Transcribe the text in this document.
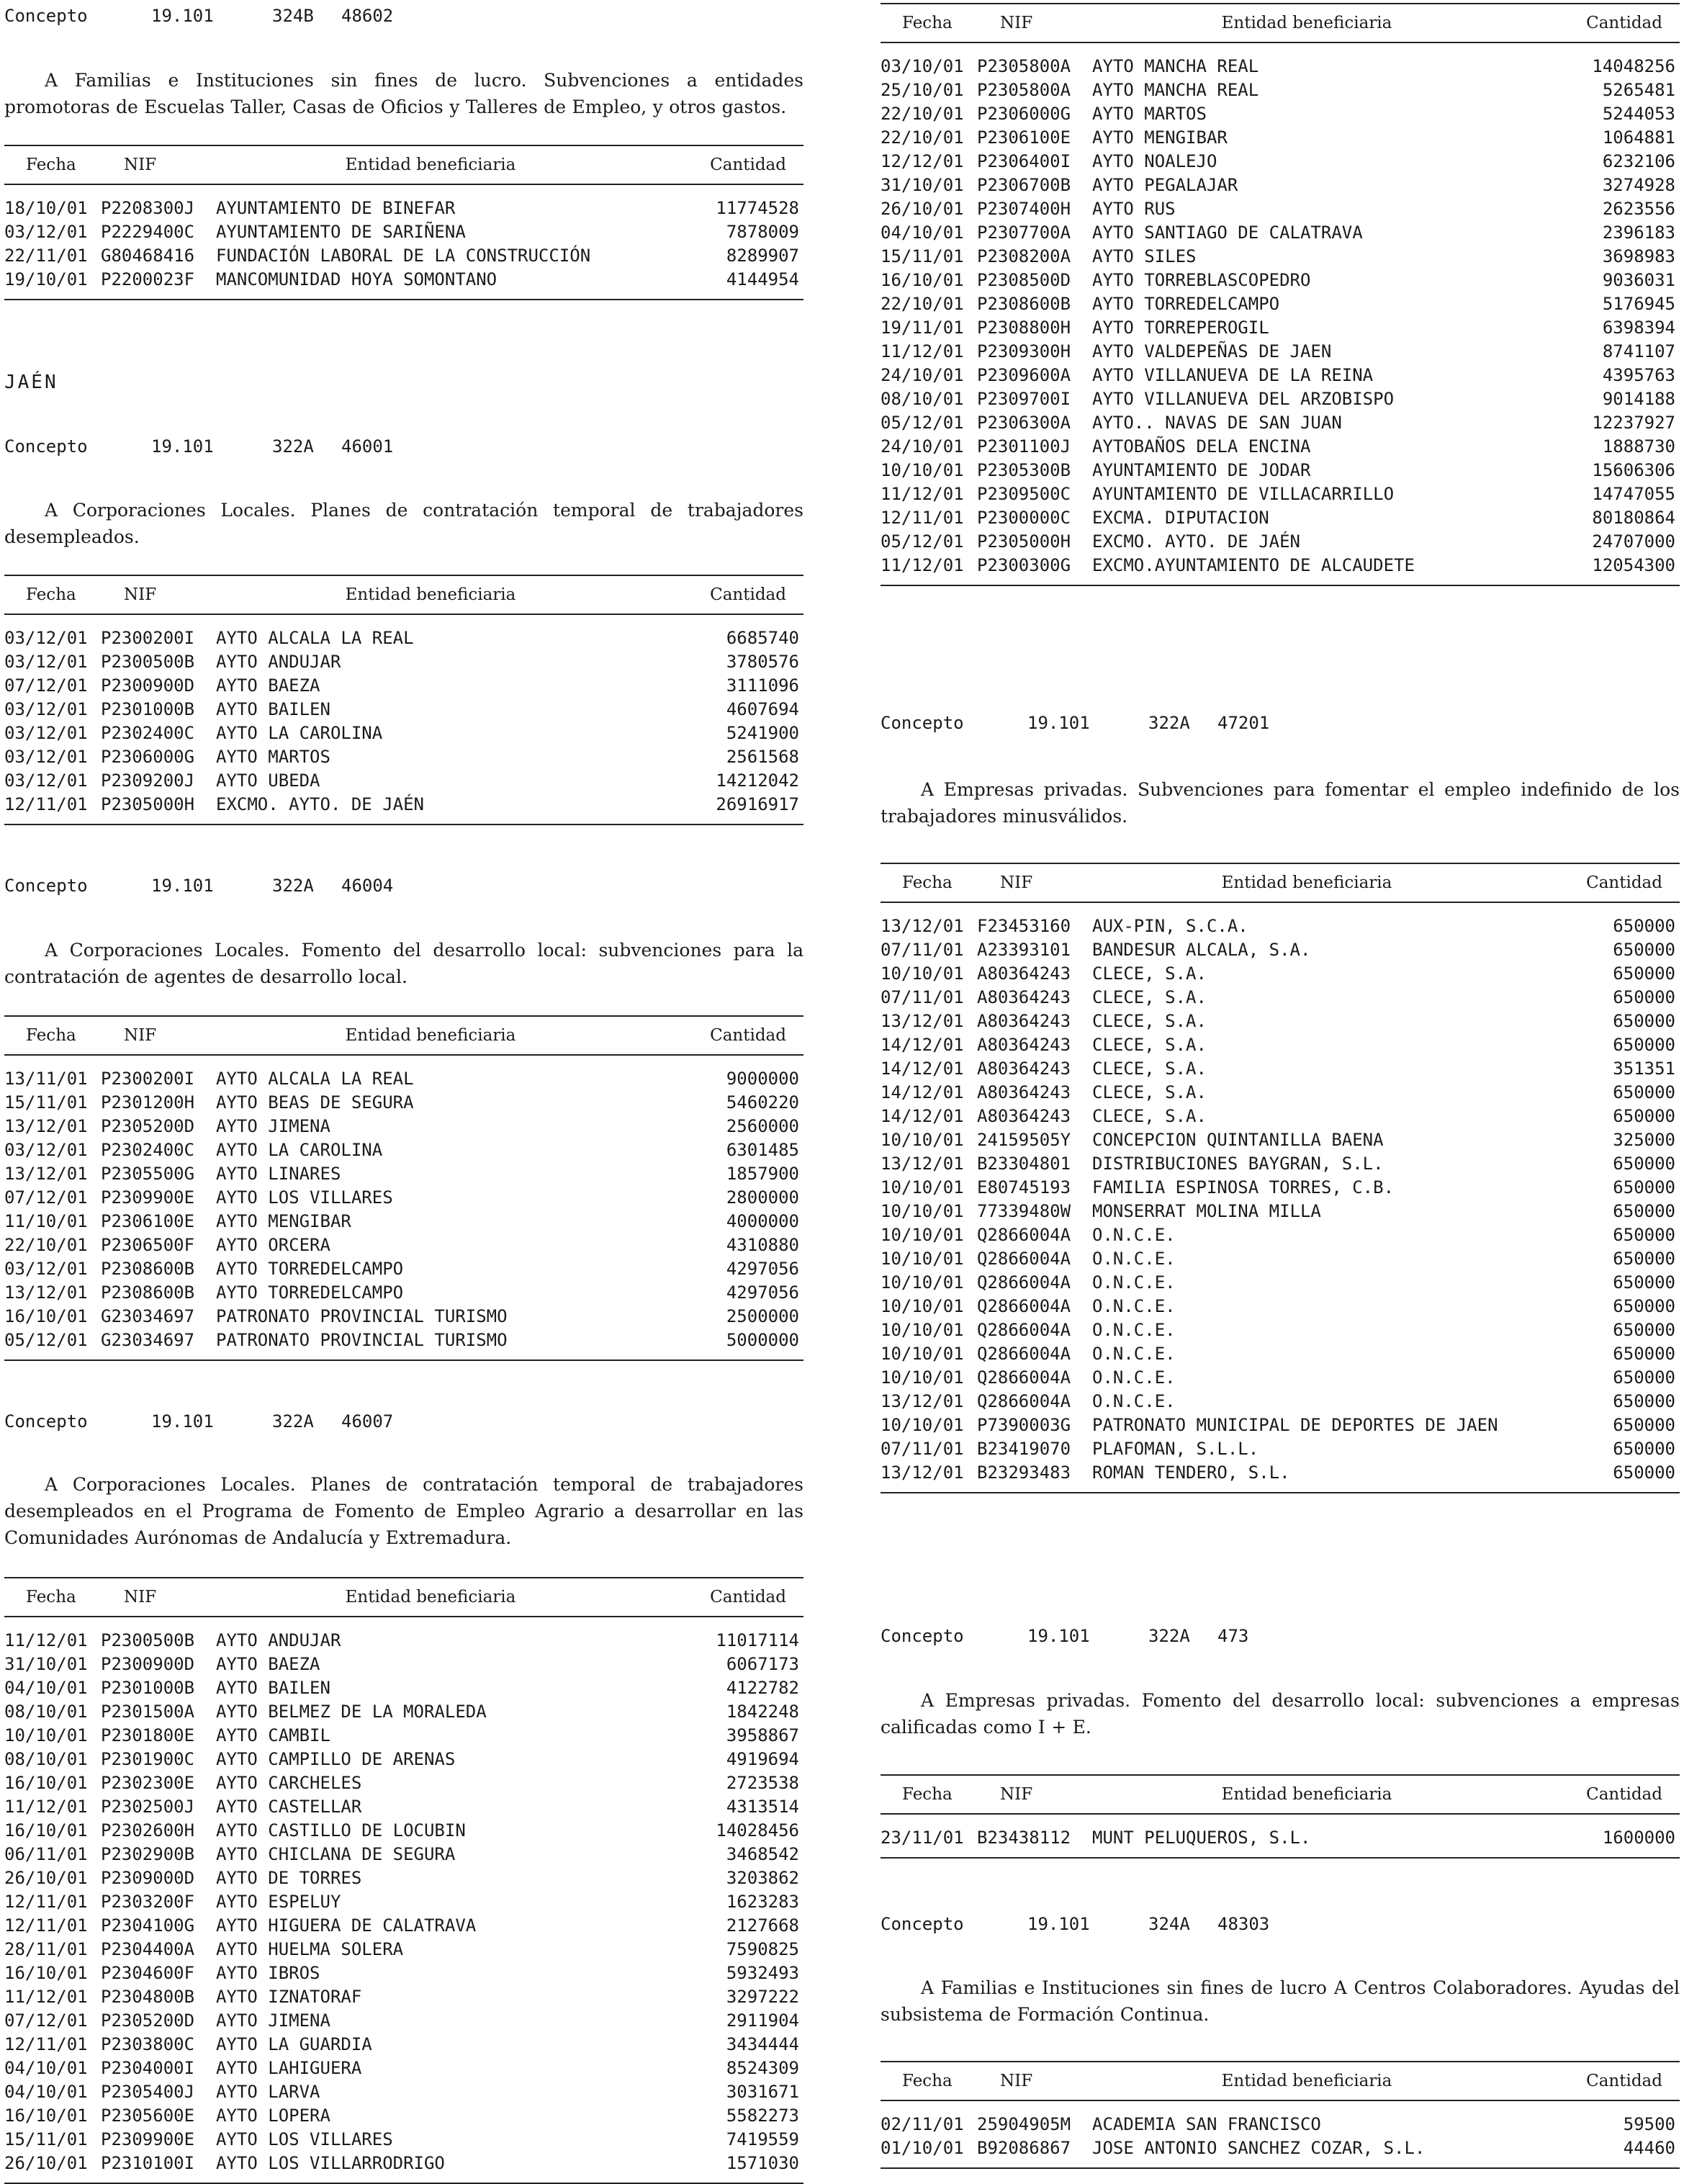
Concepto	19.101	324B 48602

A Familias e Instituciones sin fines de lucro. Subvenciones a entidades promotoras de Escuelas Taller, Casas de Oficios y Talleres de Empleo, y otros gastos.

Fecha	NIF	Entidad beneficiaria	Cantidad
18/10/01	P2208300J	AYUNTAMIENTO DE BINEFAR	11774528
03/12/01	P2229400C	AYUNTAMIENTO DE SARIÑENA	7878009
22/11/01	G80468416	FUNDACIÓN LABORAL DE LA CONSTRUCCIÓN	8289907
19/10/01	P2200023F	MANCOMUNIDAD HOYA SOMONTANO	4144954

JAÉN

Concepto	19.101	322A 46001

A Corporaciones Locales. Planes de contratación temporal de trabajadores desempleados.

Fecha	NIF	Entidad beneficiaria	Cantidad
03/12/01	P2300200I	AYTO ALCALA LA REAL	6685740
03/12/01	P2300500B	AYTO ANDUJAR	3780576
07/12/01	P2300900D	AYTO BAEZA	3111096
03/12/01	P2301000B	AYTO BAILEN	4607694
03/12/01	P2302400C	AYTO LA CAROLINA	5241900
03/12/01	P2306000G	AYTO MARTOS	2561568
03/12/01	P2309200J	AYTO UBEDA	14212042
12/11/01	P2305000H	EXCMO. AYTO. DE JAÉN	26916917

Concepto	19.101	322A 46004

A Corporaciones Locales. Fomento del desarrollo local: subvenciones para la contratación de agentes de desarrollo local.

Fecha	NIF	Entidad beneficiaria	Cantidad
13/11/01	P2300200I	AYTO ALCALA LA REAL	9000000
15/11/01	P2301200H	AYTO BEAS DE SEGURA	5460220
13/12/01	P2305200D	AYTO JIMENA	2560000
03/12/01	P2302400C	AYTO LA CAROLINA	6301485
13/12/01	P2305500G	AYTO LINARES	1857900
07/12/01	P2309900E	AYTO LOS VILLARES	2800000
11/10/01	P2306100E	AYTO MENGIBAR	4000000
22/10/01	P2306500F	AYTO ORCERA	4310880
03/12/01	P2308600B	AYTO TORREDELCAMPO	4297056
13/12/01	P2308600B	AYTO TORREDELCAMPO	4297056
16/10/01	G23034697	PATRONATO PROVINCIAL TURISMO	2500000
05/12/01	G23034697	PATRONATO PROVINCIAL TURISMO	5000000

Concepto	19.101	322A 46007

A Corporaciones Locales. Planes de contratación temporal de trabajadores desempleados en el Programa de Fomento de Empleo Agrario a desarrollar en las Comunidades Aurónomas de Andalucía y Extremadura.

Fecha	NIF	Entidad beneficiaria	Cantidad
11/12/01	P2300500B	AYTO ANDUJAR	11017114
31/10/01	P2300900D	AYTO BAEZA	6067173
04/10/01	P2301000B	AYTO BAILEN	4122782
08/10/01	P2301500A	AYTO BELMEZ DE LA MORALEDA	1842248
10/10/01	P2301800E	AYTO CAMBIL	3958867
08/10/01	P2301900C	AYTO CAMPILLO DE ARENAS	4919694
16/10/01	P2302300E	AYTO CARCHELES	2723538
11/12/01	P2302500J	AYTO CASTELLAR	4313514
16/10/01	P2302600H	AYTO CASTILLO DE LOCUBIN	14028456
06/11/01	P2302900B	AYTO CHICLANA DE SEGURA	3468542
26/10/01	P2309000D	AYTO DE TORRES	3203862
12/11/01	P2303200F	AYTO ESPELUY	1623283
12/11/01	P2304100G	AYTO HIGUERA DE CALATRAVA	2127668
28/11/01	P2304400A	AYTO HUELMA SOLERA	7590825
16/10/01	P2304600F	AYTO IBROS	5932493
11/12/01	P2304800B	AYTO IZNATORAF	3297222
07/12/01	P2305200D	AYTO JIMENA	2911904
12/11/01	P2303800C	AYTO LA GUARDIA	3434444
04/10/01	P2304000I	AYTO LAHIGUERA	8524309
04/10/01	P2305400J	AYTO LARVA	3031671
16/10/01	P2305600E	AYTO LOPERA	5582273
15/11/01	P2309900E	AYTO LOS VILLARES	7419559
26/10/01	P2310100I	AYTO LOS VILLARRODRIGO	1571030
Fecha	NIF	Entidad beneficiaria	Cantidad
03/10/01	P2305800A	AYTO MANCHA REAL	14048256
25/10/01	P2305800A	AYTO MANCHA REAL	5265481
22/10/01	P2306000G	AYTO MARTOS	5244053
22/10/01	P2306100E	AYTO MENGIBAR	1064881
12/12/01	P2306400I	AYTO NOALEJO	6232106
31/10/01	P2306700B	AYTO PEGALAJAR	3274928
26/10/01	P2307400H	AYTO RUS	2623556
04/10/01	P2307700A	AYTO SANTIAGO DE CALATRAVA	2396183
15/11/01	P2308200A	AYTO SILES	3698983
16/10/01	P2308500D	AYTO TORREBLASCOPEDRO	9036031
22/10/01	P2308600B	AYTO TORREDELCAMPO	5176945
19/11/01	P2308800H	AYTO TORREPEROGIL	6398394
11/12/01	P2309300H	AYTO VALDEPEÑAS DE JAEN	8741107
24/10/01	P2309600A	AYTO VILLANUEVA DE LA REINA	4395763
08/10/01	P2309700I	AYTO VILLANUEVA DEL ARZOBISPO	9014188
05/12/01	P2306300A	AYTO.. NAVAS DE SAN JUAN	12237927
24/10/01	P2301100J	AYTOBAÑOS DELA ENCINA	1888730
10/10/01	P2305300B	AYUNTAMIENTO DE JODAR	15606306
11/12/01	P2309500C	AYUNTAMIENTO DE VILLACARRILLO	14747055
12/11/01	P2300000C	EXCMA. DIPUTACION	80180864
05/12/01	P2305000H	EXCMO. AYTO. DE JAÉN	24707000
11/12/01	P2300300G	EXCMO.AYUNTAMIENTO DE ALCAUDETE	12054300

Concepto	19.101	322A 47201

A Empresas privadas. Subvenciones para fomentar el empleo indefinido de los trabajadores minusválidos.

Fecha	NIF	Entidad beneficiaria	Cantidad
13/12/01	F23453160	AUX-PIN, S.C.A.	650000
07/11/01	A23393101	BANDESUR ALCALA, S.A.	650000
10/10/01	A80364243	CLECE, S.A.	650000
07/11/01	A80364243	CLECE, S.A.	650000
13/12/01	A80364243	CLECE, S.A.	650000
14/12/01	A80364243	CLECE, S.A.	650000
14/12/01	A80364243	CLECE, S.A.	351351
14/12/01	A80364243	CLECE, S.A.	650000
14/12/01	A80364243	CLECE, S.A.	650000
10/10/01	24159505Y	CONCEPCION QUINTANILLA BAENA	325000
13/12/01	B23304801	DISTRIBUCIONES BAYGRAN, S.L.	650000
10/10/01	E80745193	FAMILIA ESPINOSA TORRES, C.B.	650000
10/10/01	77339480W	MONSERRAT MOLINA MILLA	650000
10/10/01	Q2866004A	O.N.C.E.	650000
10/10/01	Q2866004A	O.N.C.E.	650000
10/10/01	Q2866004A	O.N.C.E.	650000
10/10/01	Q2866004A	O.N.C.E.	650000
10/10/01	Q2866004A	O.N.C.E.	650000
10/10/01	Q2866004A	O.N.C.E.	650000
10/10/01	Q2866004A	O.N.C.E.	650000
13/12/01	Q2866004A	O.N.C.E.	650000
10/10/01	P7390003G	PATRONATO MUNICIPAL DE DEPORTES DE JAEN	650000
07/11/01	B23419070	PLAFOMAN, S.L.L.	650000
13/12/01	B23293483	ROMAN TENDERO, S.L.	650000

Concepto	19.101	322A 473

A Empresas privadas. Fomento del desarrollo local: subvenciones a empresas calificadas como I + E.

Fecha	NIF	Entidad beneficiaria	Cantidad
23/11/01	B23438112	MUNT PELUQUEROS, S.L.	1600000

Concepto	19.101	324A 48303

A Familias e Instituciones sin fines de lucro A Centros Colaboradores. Ayudas del subsistema de Formación Continua.

Fecha	NIF	Entidad beneficiaria	Cantidad
02/11/01	25904905M	ACADEMIA SAN FRANCISCO	59500
01/10/01	B92086867	JOSE ANTONIO SANCHEZ COZAR, S.L.	44460
